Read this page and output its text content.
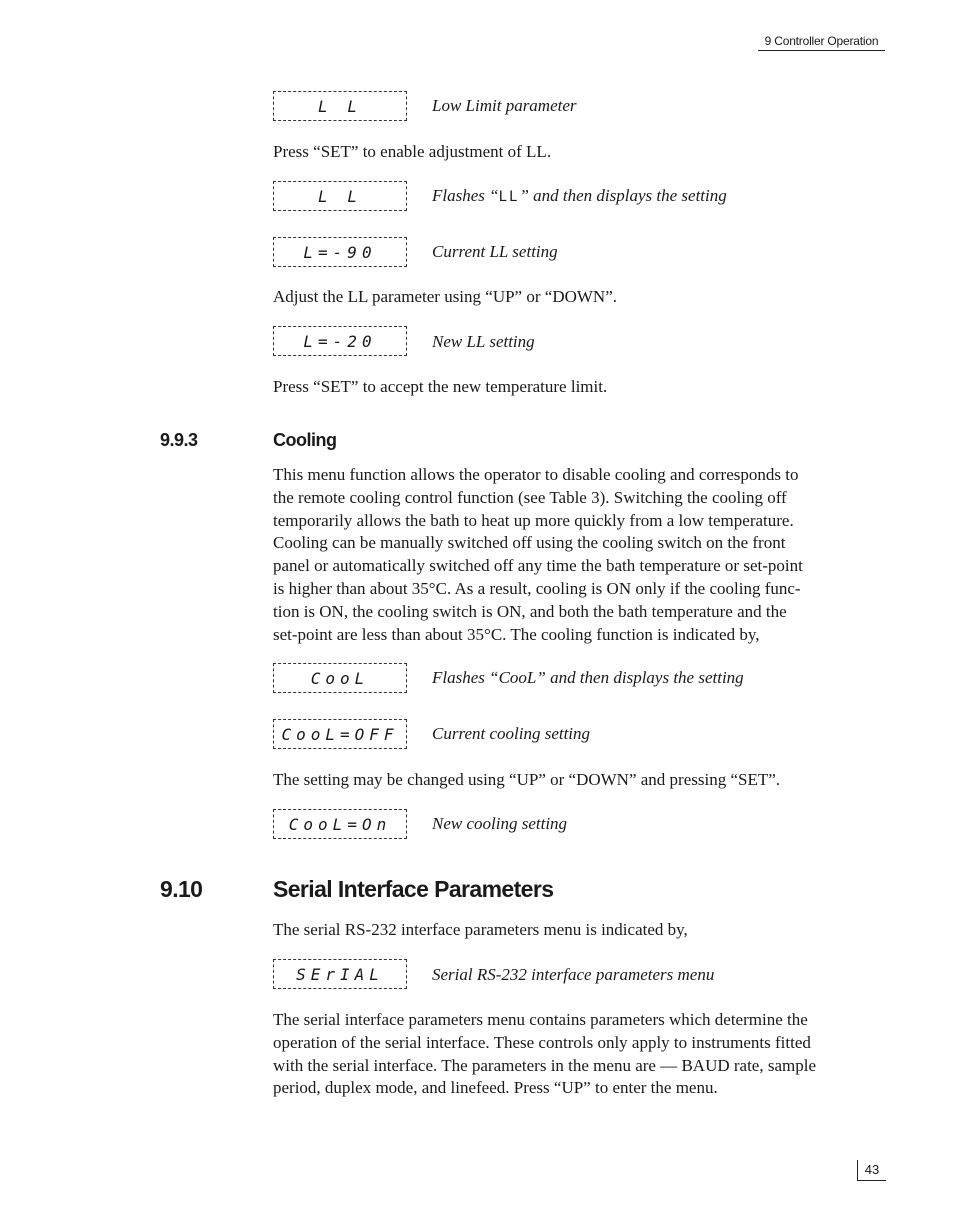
9 Controller Operation
L L	Low Limit parameter
Press “SET” to enable adjustment of LL.
L L	Flashes “LL” and then displays the setting
L=-90	Current LL setting
Adjust the LL parameter using “UP” or “DOWN”.
L=-20	New LL setting
Press “SET” to accept the new temperature limit.
9.9.3	Cooling
This menu function allows the operator to disable cooling and corresponds to
the remote cooling control function (see Table 3). Switching the cooling off
temporarily allows the bath to heat up more quickly from a low temperature.
Cooling can be manually switched off using the cooling switch on the front
panel or automatically switched off any time the bath temperature or set-point
is higher than about 35°C. As a result, cooling is ON only if the cooling func-
tion is ON, the cooling switch is ON, and both the bath temperature and the
set-point are less than about 35°C. The cooling function is indicated by,
CooL	Flashes “CooL” and then displays the setting
CooL=OFF	Current cooling setting
The setting may be changed using “UP” or “DOWN” and pressing “SET”.
CooL=On	New cooling setting
9.10	Serial Interface Parameters
The serial RS-232 interface parameters menu is indicated by,
SErIAL	Serial RS-232 interface parameters menu
The serial interface parameters menu contains parameters which determine the
operation of the serial interface. These controls only apply to instruments fitted
with the serial interface. The parameters in the menu are — BAUD rate, sample
period, duplex mode, and linefeed. Press “UP” to enter the menu.
43
